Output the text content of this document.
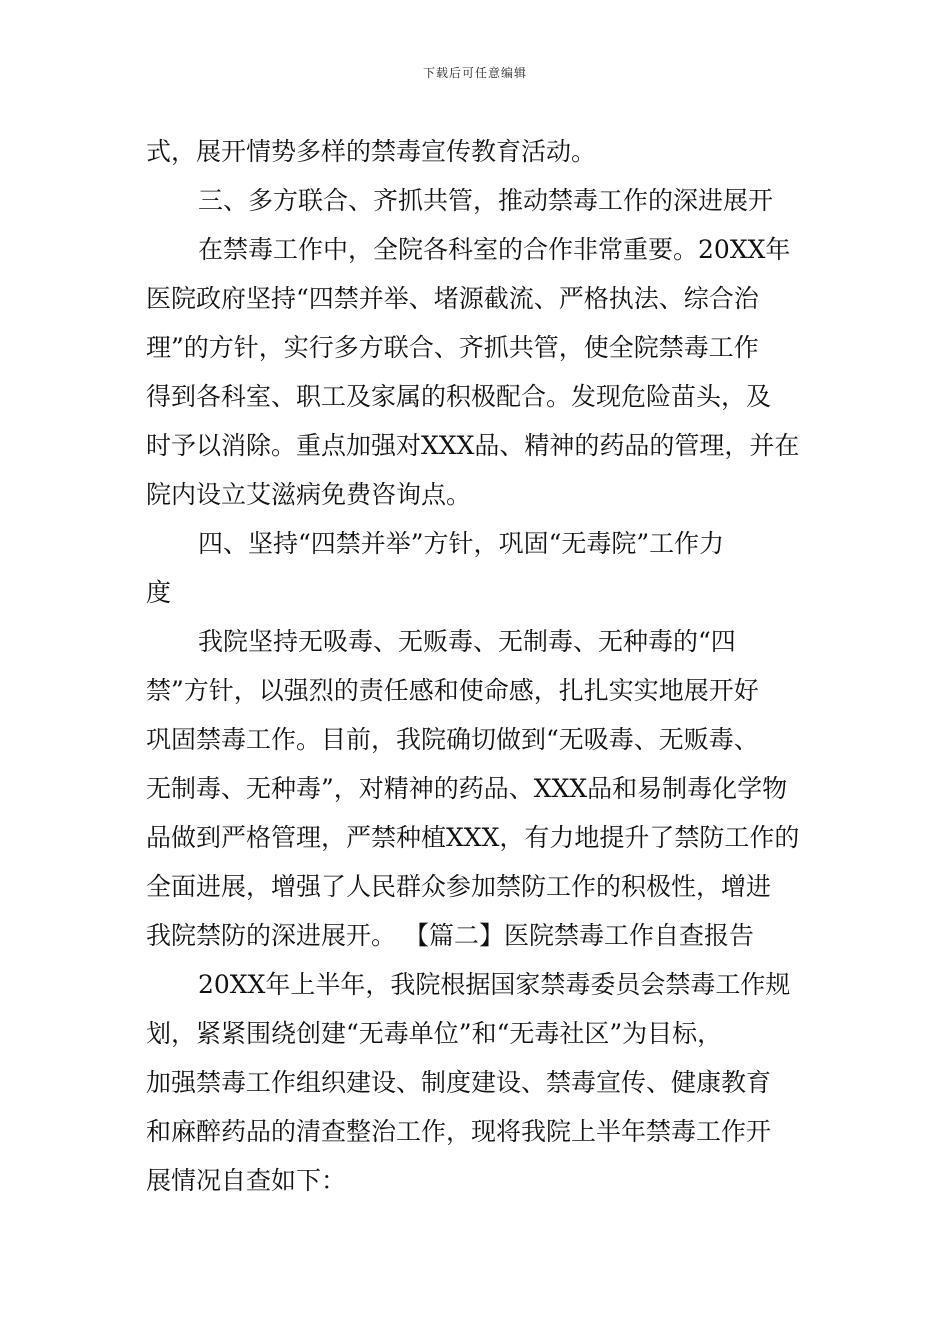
下载后可任意编辑
式，展开情势多样的禁毒宣传教育活动。
三、多方联合、齐抓共管，推动禁毒工作的深进展开
在禁毒工作中，全院各科室的合作非常重要。20XX年
医院政府坚持“四禁并举、堵源截流、严格执法、综合治
理”的方针，实行多方联合、齐抓共管，使全院禁毒工作
得到各科室、职工及家属的积极配合。发现危险苗头，及
时予以消除。重点加强对XXX品、精神的药品的管理，并在
院内设立艾滋病免费咨询点。
四、坚持“四禁并举”方针，巩固“无毒院”工作力
度
我院坚持无吸毒、无贩毒、无制毒、无种毒的“四
禁”方针，以强烈的责任感和使命感，扎扎实实地展开好
巩固禁毒工作。目前，我院确切做到“无吸毒、无贩毒、
无制毒、无种毒”，对精神的药品、XXX品和易制毒化学物
品做到严格管理，严禁种植XXX，有力地提升了禁防工作的
全面进展，增强了人民群众参加禁防工作的积极性，增进
我院禁防的深进展开。 【篇二】医院禁毒工作自查报告
20XX年上半年，我院根据国家禁毒委员会禁毒工作规
划，紧紧围绕创建“无毒单位”和“无毒社区”为目标，
加强禁毒工作组织建设、制度建设、禁毒宣传、健康教育
和麻醉药品的清查整治工作，现将我院上半年禁毒工作开
展情况自查如下：
